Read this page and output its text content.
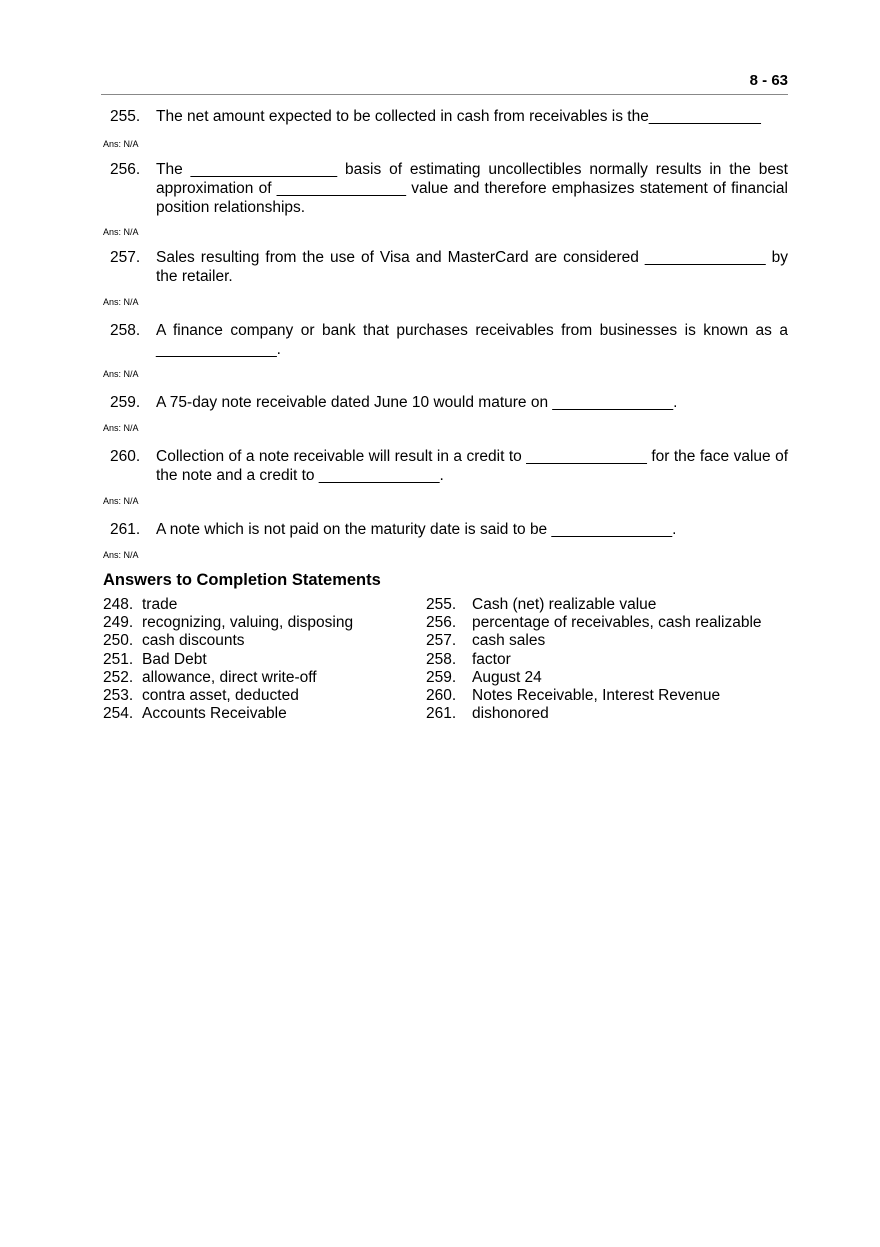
8 - 63
255.	The net amount expected to be collected in cash from receivables is the_____________
Ans: N/A
256.	The _________________ basis of estimating uncollectibles normally results in the best approximation of _______________ value and therefore emphasizes statement of financial position relationships.
Ans: N/A
257.	Sales resulting from the use of Visa and MasterCard are considered ______________ by the retailer.
Ans: N/A
258.	A finance company or bank that purchases receivables from businesses is known as a ______________.
Ans: N/A
259.	A 75-day note receivable dated June 10 would mature on ______________.
Ans: N/A
260.	Collection of a note receivable will result in a credit to ______________ for the face value of the note and a credit to ______________.
Ans: N/A
261.	A note which is not paid on the maturity date is said to be ______________.
Ans: N/A
Answers to Completion Statements
248. trade
249. recognizing, valuing, disposing
250. cash discounts
251. Bad Debt
252. allowance, direct write-off
253. contra asset, deducted
254. Accounts Receivable
255.	Cash (net) realizable value
256.	percentage of receivables, cash realizable
257.	cash sales
258.	factor
259.	August 24
260.	Notes Receivable, Interest Revenue
261.	dishonored
